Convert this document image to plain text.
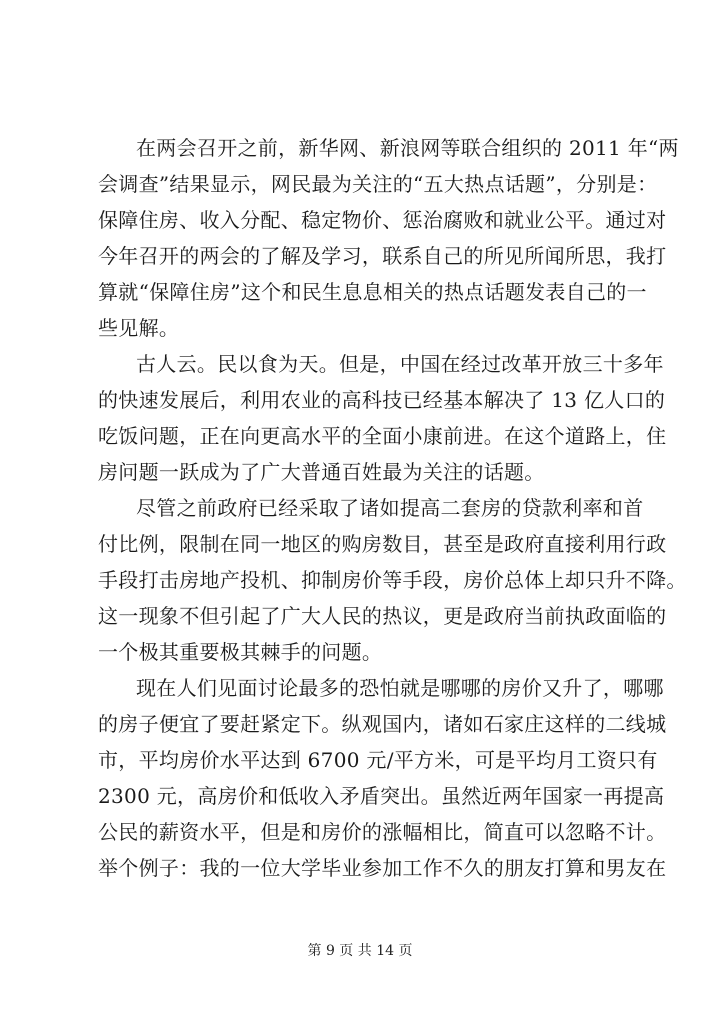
在两会召开之前，新华网、新浪网等联合组织的 2011 年“两
会调查”结果显示，网民最为关注的“五大热点话题”，分别是：
保障住房、收入分配、稳定物价、惩治腐败和就业公平。通过对
今年召开的两会的了解及学习，联系自己的所见所闻所思，我打
算就“保障住房”这个和民生息息相关的热点话题发表自己的一
些见解。
古人云。民以食为天。但是，中国在经过改革开放三十多年
的快速发展后，利用农业的高科技已经基本解决了 13 亿人口的
吃饭问题，正在向更高水平的全面小康前进。在这个道路上，住
房问题一跃成为了广大普通百姓最为关注的话题。
尽管之前政府已经采取了诸如提高二套房的贷款利率和首
付比例，限制在同一地区的购房数目，甚至是政府直接利用行政
手段打击房地产投机、抑制房价等手段，房价总体上却只升不降。
这一现象不但引起了广大人民的热议，更是政府当前执政面临的
一个极其重要极其棘手的问题。
现在人们见面讨论最多的恐怕就是哪哪的房价又升了，哪哪
的房子便宜了要赶紧定下。纵观国内，诸如石家庄这样的二线城
市，平均房价水平达到 6700 元/平方米，可是平均月工资只有
2300 元，高房价和低收入矛盾突出。虽然近两年国家一再提高
公民的薪资水平，但是和房价的涨幅相比，简直可以忽略不计。
举个例子：我的一位大学毕业参加工作不久的朋友打算和男友在
第 9 页 共 14 页
